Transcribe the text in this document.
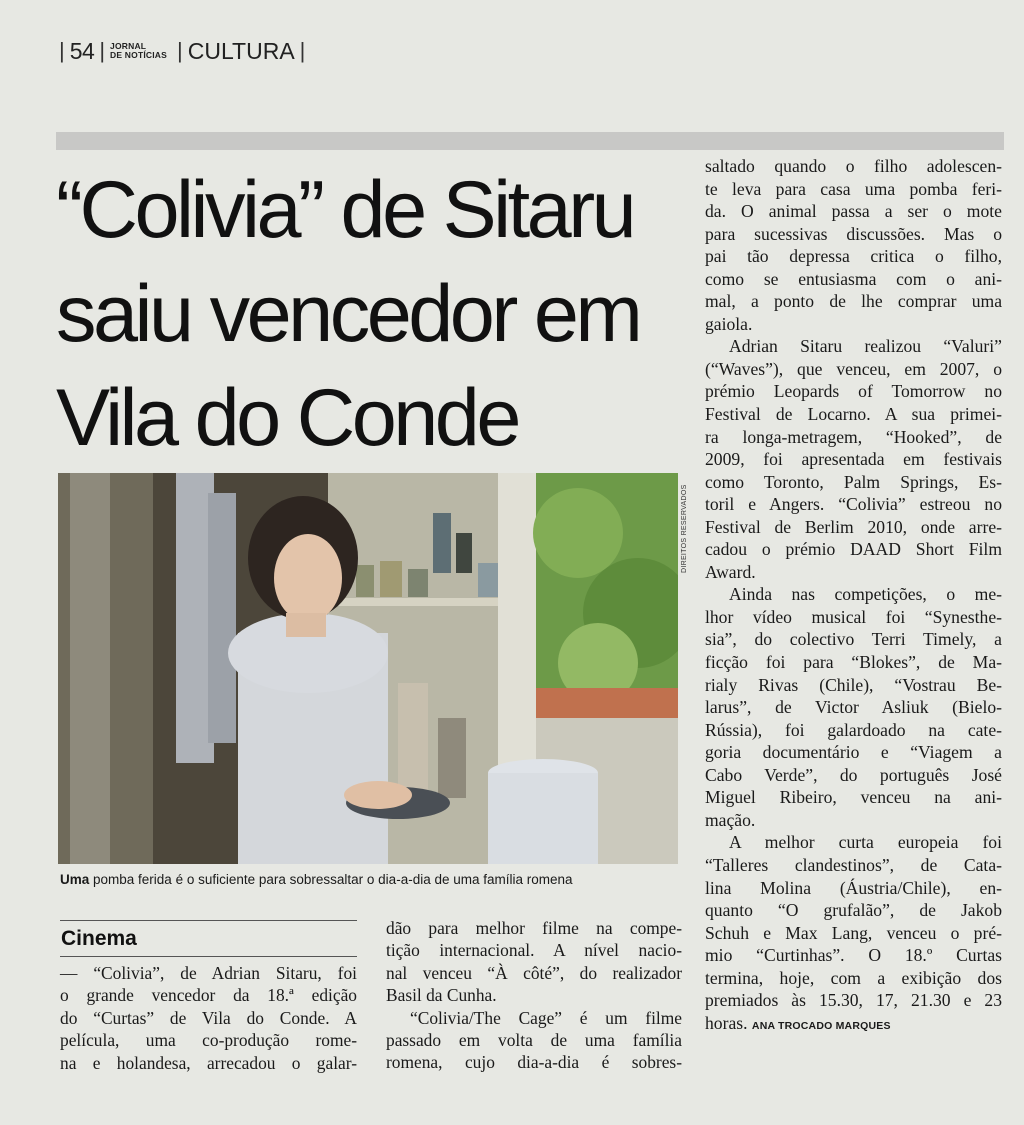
| 54 | JORNAL
DE NOTÍCIAS | CULTURA |
“Colivia” de Sitaru saiu vencedor em Vila do Conde
DIREITOS RESERVADOS
Uma pomba ferida é o suficiente para sobressaltar o dia-a-dia de uma família romena
Cinema
— “Colivia”, de Adrian Sitaru, foi
o grande vencedor da 18.ª edição
do “Curtas” de Vila do Conde. A
película, uma co-produção rome-
na e holandesa, arrecadou o galar-
dão para melhor filme na compe-
tição internacional. A nível nacio-
nal venceu “À côté”, do realizador
Basil da Cunha.
“Colivia/The Cage” é um filme
passado em volta de uma família
romena, cujo dia-a-dia é sobres-
saltado quando o filho adolescen-
te leva para casa uma pomba feri-
da. O animal passa a ser o mote
para sucessivas discussões. Mas o
pai tão depressa critica o filho,
como se entusiasma com o ani-
mal, a ponto de lhe comprar uma
gaiola.
Adrian Sitaru realizou “Valuri”
(“Waves”), que venceu, em 2007, o
prémio Leopards of Tomorrow no
Festival de Locarno. A sua primei-
ra longa-metragem, “Hooked”, de
2009, foi apresentada em festivais
como Toronto, Palm Springs, Es-
toril e Angers. “Colivia” estreou no
Festival de Berlim 2010, onde arre-
cadou o prémio DAAD Short Film
Award.
Ainda nas competições, o me-
lhor vídeo musical foi “Synesthe-
sia”, do colectivo Terri Timely, a
ficção foi para “Blokes”, de Ma-
rialy Rivas (Chile), “Vostrau Be-
larus”, de Victor Asliuk (Bielo-
Rússia), foi galardoado na cate-
goria documentário e “Viagem a
Cabo Verde”, do português José
Miguel Ribeiro, venceu na ani-
mação.
A melhor curta europeia foi
“Talleres clandestinos”, de Cata-
lina Molina (Áustria/Chile), en-
quanto “O grufalão”, de Jakob
Schuh e Max Lang, venceu o pré-
mio “Curtinhas”. O 18.º Curtas
termina, hoje, com a exibição dos
premiados às 15.30, 17, 21.30 e 23
horas. ANA TROCADO MARQUES
